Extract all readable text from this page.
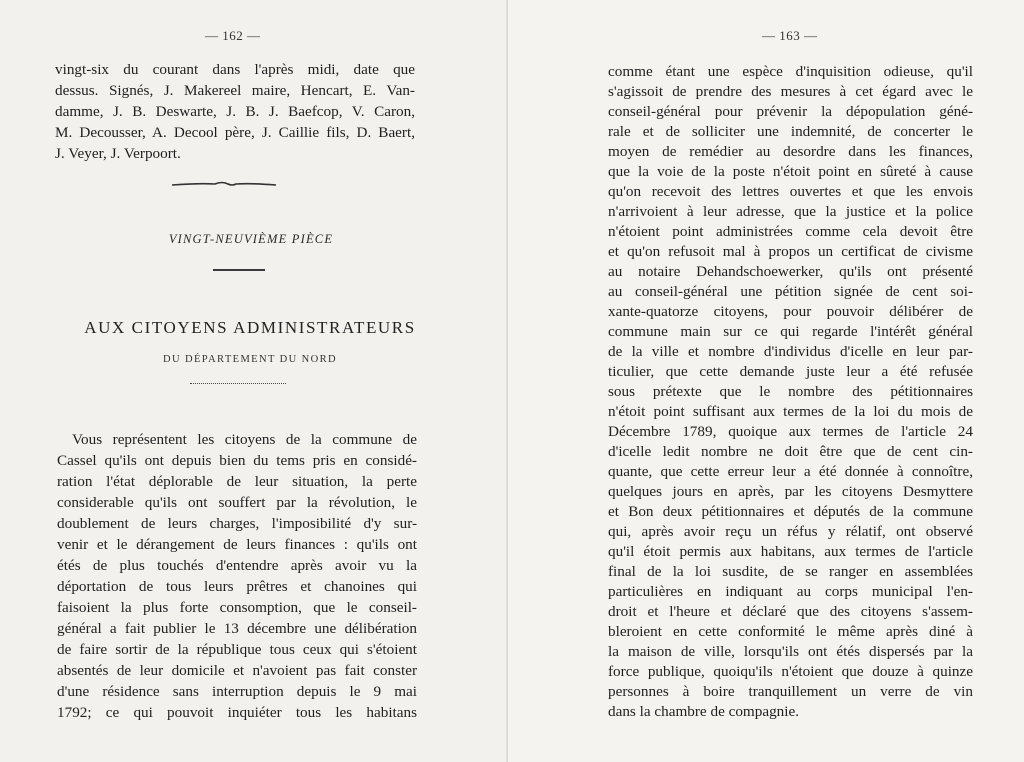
— 162 —
vingt-six du courant dans l'après midi, date que
dessus. Signés, J. Makereel maire, Hencart, E. Van-
damme, J. B. Deswarte, J. B. J. Baefcop, V. Caron,
M. Decousser, A. Decool père, J. Caillie fils, D. Baert,
J. Veyer, J. Verpoort.
VINGT-NEUVIÈME PIÈCE
AUX CITOYENS ADMINISTRATEURS
DU DÉPARTEMENT DU NORD
Vous représentent les citoyens de la commune de
Cassel qu'ils ont depuis bien du tems pris en considé-
ration l'état déplorable de leur situation, la perte
considerable qu'ils ont souffert par la révolution, le
doublement de leurs charges, l'imposibilité d'y sur-
venir et le dérangement de leurs finances : qu'ils ont
étés de plus touchés d'entendre après avoir vu la
déportation de tous leurs prêtres et chanoines qui
faisoient la plus forte consomption, que le conseil-
général a fait publier le 13 décembre une délibération
de faire sortir de la république tous ceux qui s'étoient
absentés de leur domicile et n'avoient pas fait conster
d'une résidence sans interruption depuis le 9 mai
1792; ce qui pouvoit inquiéter tous les habitans
— 163 —
comme étant une espèce d'inquisition odieuse, qu'il
s'agissoit de prendre des mesures à cet égard avec le
conseil-général pour prévenir la dépopulation géné-
rale et de solliciter une indemnité, de concerter le
moyen de remédier au desordre dans les finances,
que la voie de la poste n'étoit point en sûreté à cause
qu'on recevoit des lettres ouvertes et que les envois
n'arrivoient à leur adresse, que la justice et la police
n'étoient point administrées comme cela devoit être
et qu'on refusoit mal à propos un certificat de civisme
au notaire Dehandschoewerker, qu'ils ont présenté
au conseil-général une pétition signée de cent soi-
xante-quatorze citoyens, pour pouvoir délibérer de
commune main sur ce qui regarde l'intérêt général
de la ville et nombre d'individus d'icelle en leur par-
ticulier, que cette demande juste leur a été refusée
sous prétexte que le nombre des pétitionnaires
n'étoit point suffisant aux termes de la loi du mois de
Décembre 1789, quoique aux termes de l'article 24
d'icelle ledit nombre ne doit être que de cent cin-
quante, que cette erreur leur a été donnée à connoître,
quelques jours en après, par les citoyens Desmyttere
et Bon deux pétitionnaires et députés de la commune
qui, après avoir reçu un réfus y rélatif, ont observé
qu'il étoit permis aux habitans, aux termes de l'article
final de la loi susdite, de se ranger en assemblées
particulières en indiquant au corps municipal l'en-
droit et l'heure et déclaré que des citoyens s'assem-
bleroient en cette conformité le même après diné à
la maison de ville, lorsqu'ils ont étés dispersés par la
force publique, quoiqu'ils n'étoient que douze à quinze
personnes à boire tranquillement un verre de vin
dans la chambre de compagnie.
